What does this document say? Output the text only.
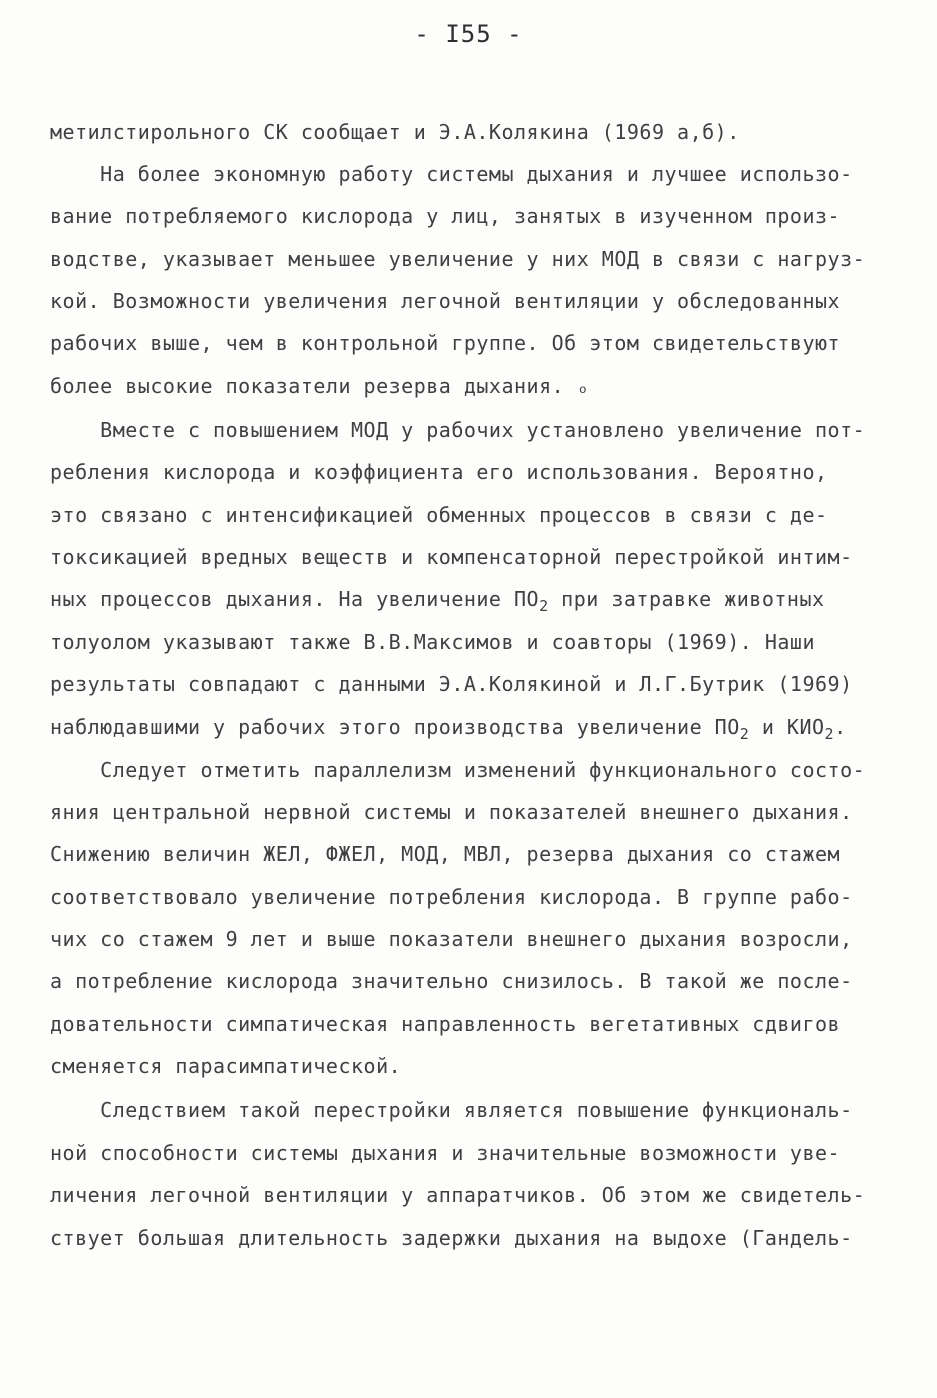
- I55 -
метилстирольного СК сообщает и Э.А.Колякина (1969 а,б).
На более экономную работу системы дыхания и лучшее использо-
вание потребляемого кислорода у лиц, занятых в изученном произ-
водстве, указывает меньшее увеличение у них МОД в связи с нагруз-
кой. Возможности увеличения легочной вентиляции у обследованных
рабочих выше, чем в контрольной группе. Об этом свидетельствуют
более высокие показатели резерва дыхания. ₒ
Вместе с повышением МОД у рабочих установлено увеличение пот-
ребления кислорода и коэффициента его использования. Вероятно,
это связано с интенсификацией обменных процессов в связи с де-
токсикацией вредных веществ и компенсаторной перестройкой интим-
ных процессов дыхания. На увеличение $ПО_2$ при затравке животных
толуолом указывают также В.В.Максимов и соавторы (1969). Наши
результаты совпадают с данными Э.А.Колякиной и Л.Г.Бутрик (1969)
наблюдавшими у рабочих этого производства увеличение $ПО_2$ и $КИО_2$.
Следует отметить параллелизм изменений функционального состо-
яния центральной нервной системы и показателей внешнего дыхания.
Снижению величин ЖЕЛ, ФЖЕЛ, МОД, МВЛ, резерва дыхания со стажем
соответствовало увеличение потребления кислорода. В группе рабо-
чих со стажем 9 лет и выше показатели внешнего дыхания возросли,
а потребление кислорода значительно снизилось. В такой же после-
довательности симпатическая направленность вегетативных сдвигов
сменяется парасимпатической.
Следствием такой перестройки является повышение функциональ-
ной способности системы дыхания и значительные возможности уве-
личения легочной вентиляции у аппаратчиков. Об этом же свидетель-
ствует большая длительность задержки дыхания на выдохе (Гандель-
